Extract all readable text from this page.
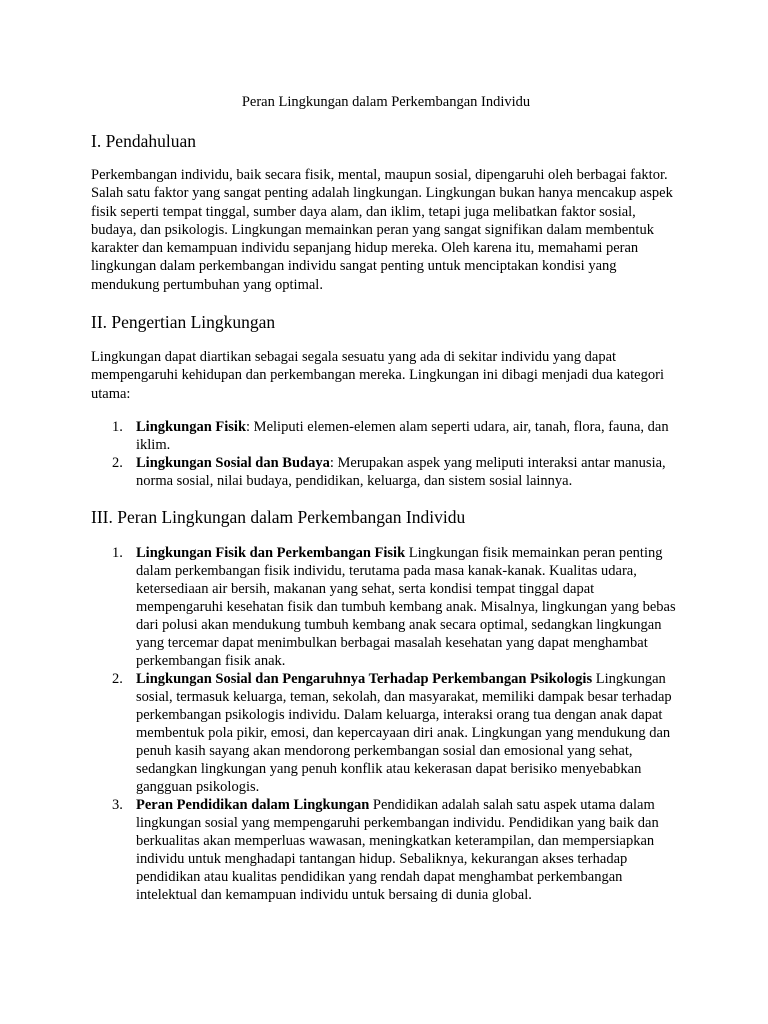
Peran Lingkungan dalam Perkembangan Individu
I. Pendahuluan

Perkembangan individu, baik secara fisik, mental, maupun sosial, dipengaruhi oleh berbagai faktor. Salah satu faktor yang sangat penting adalah lingkungan. Lingkungan bukan hanya mencakup aspek fisik seperti tempat tinggal, sumber daya alam, dan iklim, tetapi juga melibatkan faktor sosial, budaya, dan psikologis. Lingkungan memainkan peran yang sangat signifikan dalam membentuk karakter dan kemampuan individu sepanjang hidup mereka. Oleh karena itu, memahami peran lingkungan dalam perkembangan individu sangat penting untuk menciptakan kondisi yang mendukung pertumbuhan yang optimal.

II. Pengertian Lingkungan

Lingkungan dapat diartikan sebagai segala sesuatu yang ada di sekitar individu yang dapat mempengaruhi kehidupan dan perkembangan mereka. Lingkungan ini dibagi menjadi dua kategori utama:

1. Lingkungan Fisik: Meliputi elemen-elemen alam seperti udara, air, tanah, flora, fauna, dan iklim.
2. Lingkungan Sosial dan Budaya: Merupakan aspek yang meliputi interaksi antar manusia, norma sosial, nilai budaya, pendidikan, keluarga, dan sistem sosial lainnya.
III. Peran Lingkungan dalam Perkembangan Individu
1. Lingkungan Fisik dan Perkembangan Fisik Lingkungan fisik memainkan peran penting dalam perkembangan fisik individu, terutama pada masa kanak-kanak. Kualitas udara, ketersediaan air bersih, makanan yang sehat, serta kondisi tempat tinggal dapat mempengaruhi kesehatan fisik dan tumbuh kembang anak. Misalnya, lingkungan yang bebas dari polusi akan mendukung tumbuh kembang anak secara optimal, sedangkan lingkungan yang tercemar dapat menimbulkan berbagai masalah kesehatan yang dapat menghambat perkembangan fisik anak.
2. Lingkungan Sosial dan Pengaruhnya Terhadap Perkembangan Psikologis Lingkungan sosial, termasuk keluarga, teman, sekolah, dan masyarakat, memiliki dampak besar terhadap perkembangan psikologis individu. Dalam keluarga, interaksi orang tua dengan anak dapat membentuk pola pikir, emosi, dan kepercayaan diri anak. Lingkungan yang mendukung dan penuh kasih sayang akan mendorong perkembangan sosial dan emosional yang sehat, sedangkan lingkungan yang penuh konflik atau kekerasan dapat berisiko menyebabkan gangguan psikologis.
3. Peran Pendidikan dalam Lingkungan Pendidikan adalah salah satu aspek utama dalam lingkungan sosial yang mempengaruhi perkembangan individu. Pendidikan yang baik dan berkualitas akan memperluas wawasan, meningkatkan keterampilan, dan mempersiapkan individu untuk menghadapi tantangan hidup. Sebaliknya, kekurangan akses terhadap pendidikan atau kualitas pendidikan yang rendah dapat menghambat perkembangan intelektual dan kemampuan individu untuk bersaing di dunia global.
